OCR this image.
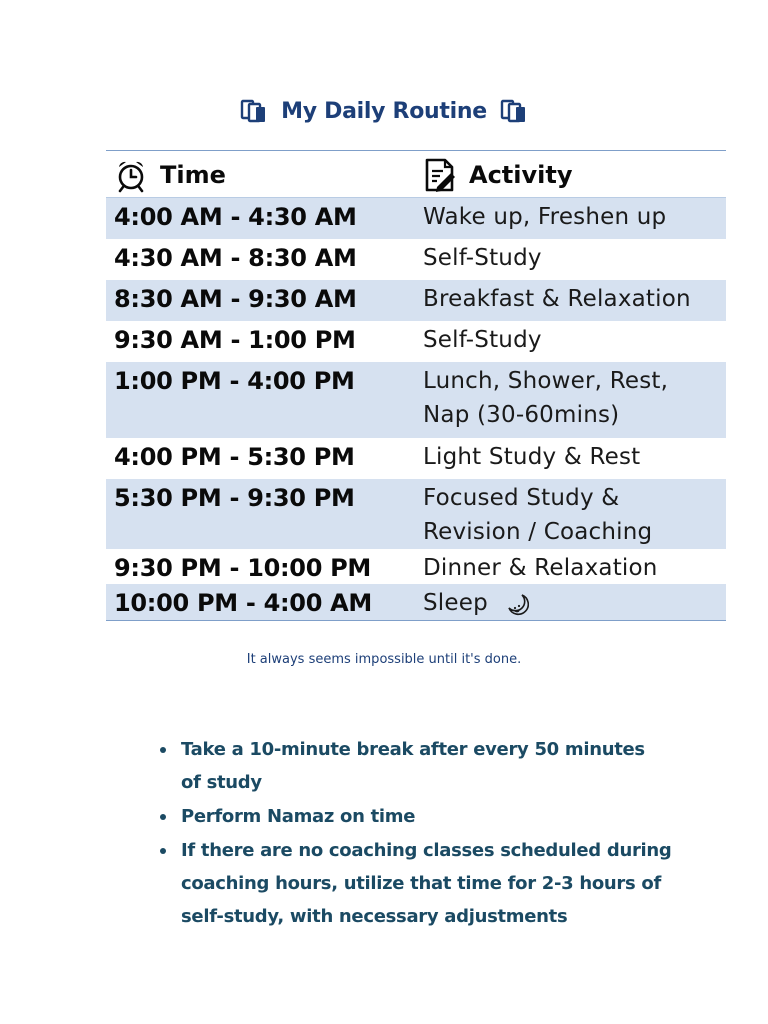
My Daily Routine
Time	Activity
4:00 AM - 4:30 AM	Wake up, Freshen up
4:30 AM - 8:30 AM	Self-Study
8:30 AM - 9:30 AM	Breakfast & Relaxation
9:30 AM - 1:00 PM	Self-Study
1:00 PM - 4:00 PM	Lunch, Shower, Rest,
Nap (30-60mins)
4:00 PM - 5:30 PM	Light Study & Rest
5:30 PM - 9:30 PM	Focused Study &
Revision / Coaching
9:30 PM - 10:00 PM	Dinner & Relaxation
10:00 PM - 4:00 AM	Sleep
It always seems impossible until it's done.
Take a 10-minute break after every 50 minutes
of study
Perform Namaz on time
If there are no coaching classes scheduled during
coaching hours, utilize that time for 2-3 hours of
self-study, with necessary adjustments
